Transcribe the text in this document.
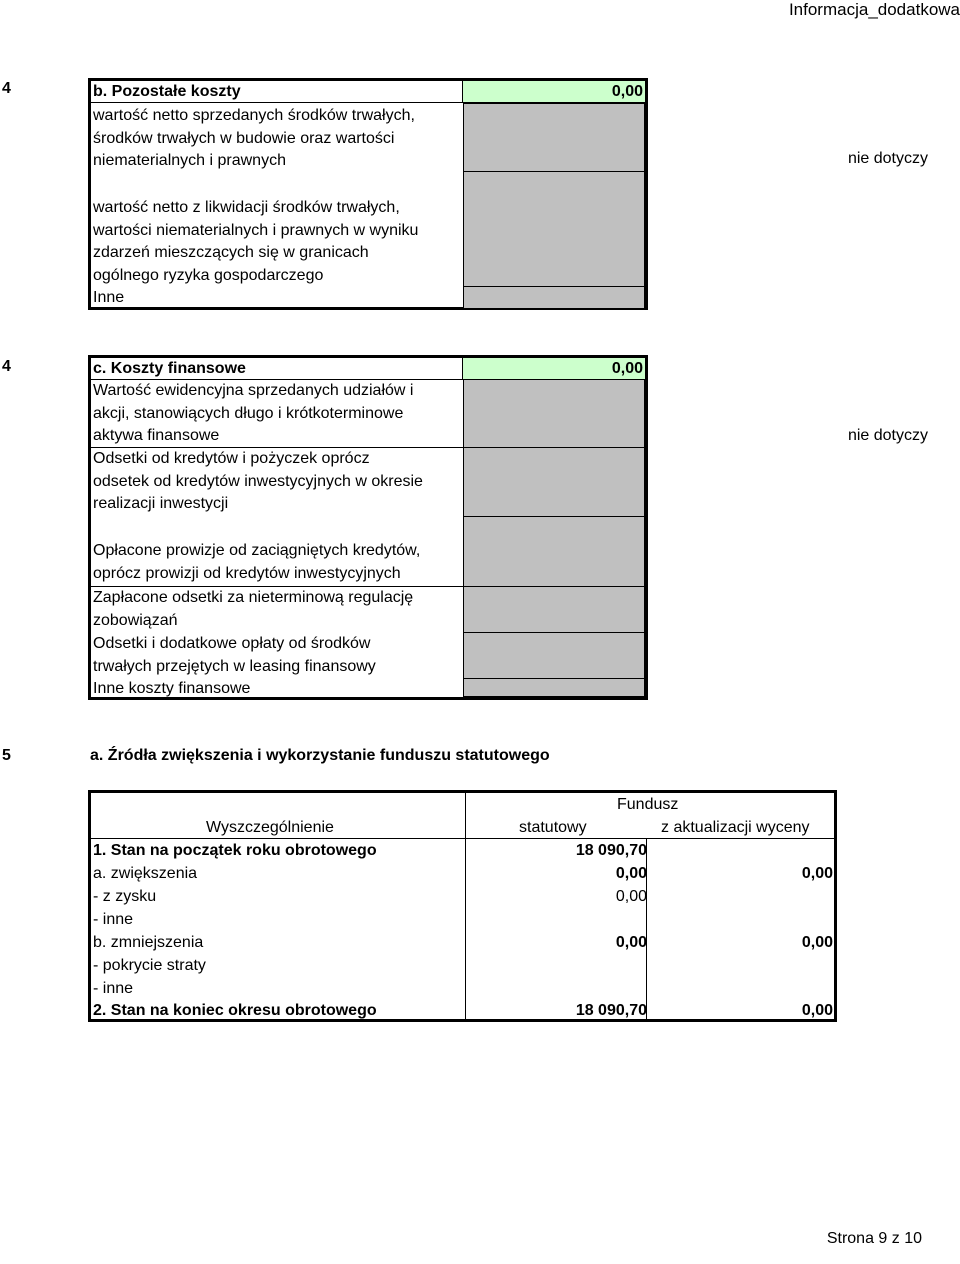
Informacja_dodatkowa
4	b. Pozostałe koszty	0,00
wartość netto sprzedanych środków trwałych,
środków trwałych w budowie oraz wartości
niematerialnych i prawnych
wartość netto z likwidacji środków trwałych,
wartości niematerialnych i prawnych w wyniku
zdarzeń mieszczących się w granicach
ogólnego ryzyka gospodarczego
Inne
nie dotyczy
4	c. Koszty finansowe	0,00
Wartość ewidencyjna sprzedanych udziałów i
akcji, stanowiących długo i krótkoterminowe
aktywa finansowe
Odsetki od kredytów i pożyczek oprócz
odsetek od kredytów inwestycyjnych w okresie
realizacji inwestycji
Opłacone prowizje od zaciągniętych kredytów,
oprócz prowizji od kredytów inwestycyjnych
Zapłacone odsetki za nieterminową regulację
zobowiązań
Odsetki i dodatkowe opłaty od środków
trwałych przejętych w leasing finansowy
Inne koszty finansowe
nie dotyczy
5	a. Źródła zwiększenia i wykorzystanie funduszu statutowego
Fundusz
Wyszczególnienie	statutowy	z aktualizacji wyceny
1. Stan na początek roku obrotowego	18 090,70
a. zwiększenia	0,00	0,00
- z zysku	0,00
- inne
b. zmniejszenia	0,00	0,00
- pokrycie straty
- inne
2. Stan na koniec okresu obrotowego	18 090,70	0,00
Strona 9 z 10
